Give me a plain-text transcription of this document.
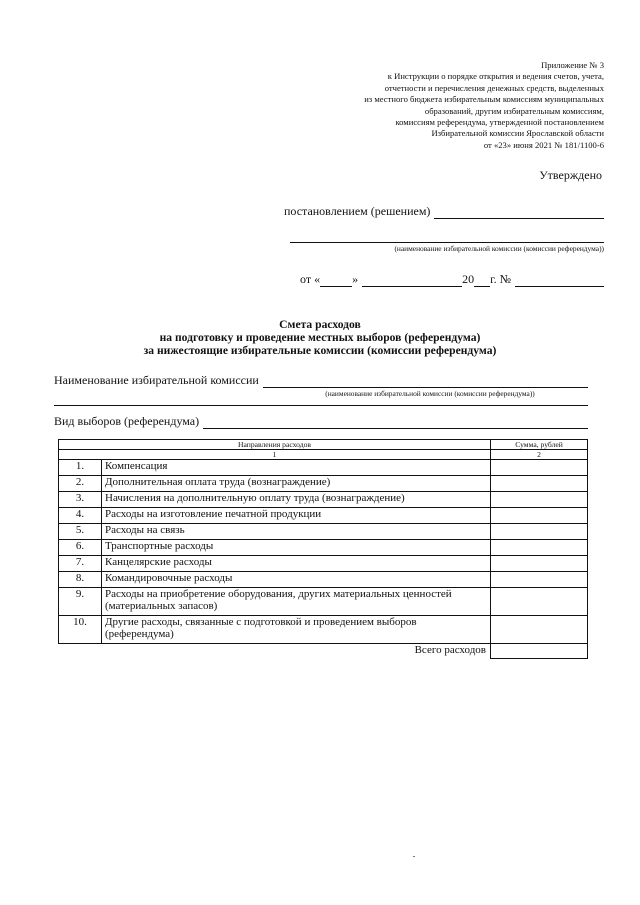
Приложение № 3
к Инструкции о порядке открытия и ведения счетов, учета,
отчетности и перечисления денежных средств, выделенных
из местного бюджета избирательным комиссиям муниципальных
образований, другим избирательным комиссиям,
комиссиям референдума, утвержденной постановлением
Избирательной комиссии Ярославской области
от «23» июня 2021 № 181/1100-6
Утверждено
постановлением (решением)
(наименование избирательной комиссии (комиссии референдума))
от «	»	20 г. №
Смета расходов
на подготовку и проведение местных выборов (референдума)
за нижестоящие избирательные комиссии (комиссии референдума)
Наименование избирательной комиссии
(наименование избирательной комиссии (комиссии референдума))
Вид выборов (референдума)
Направления расходов		Сумма, рублей
1		2
1.	Компенсация	
2.	Дополнительная оплата труда (вознаграждение)	
3.	Начисления на дополнительную оплату труда (вознаграждение)	
4.	Расходы на изготовление печатной продукции	
5.	Расходы на связь	
6.	Транспортные расходы	
7.	Канцелярские расходы	
8.	Командировочные расходы	
9.	Расходы на приобретение оборудования, других материальных ценностей (материальных запасов)	
10.	Другие расходы, связанные с подготовкой и проведением выборов (референдума)	
	Всего расходов	
